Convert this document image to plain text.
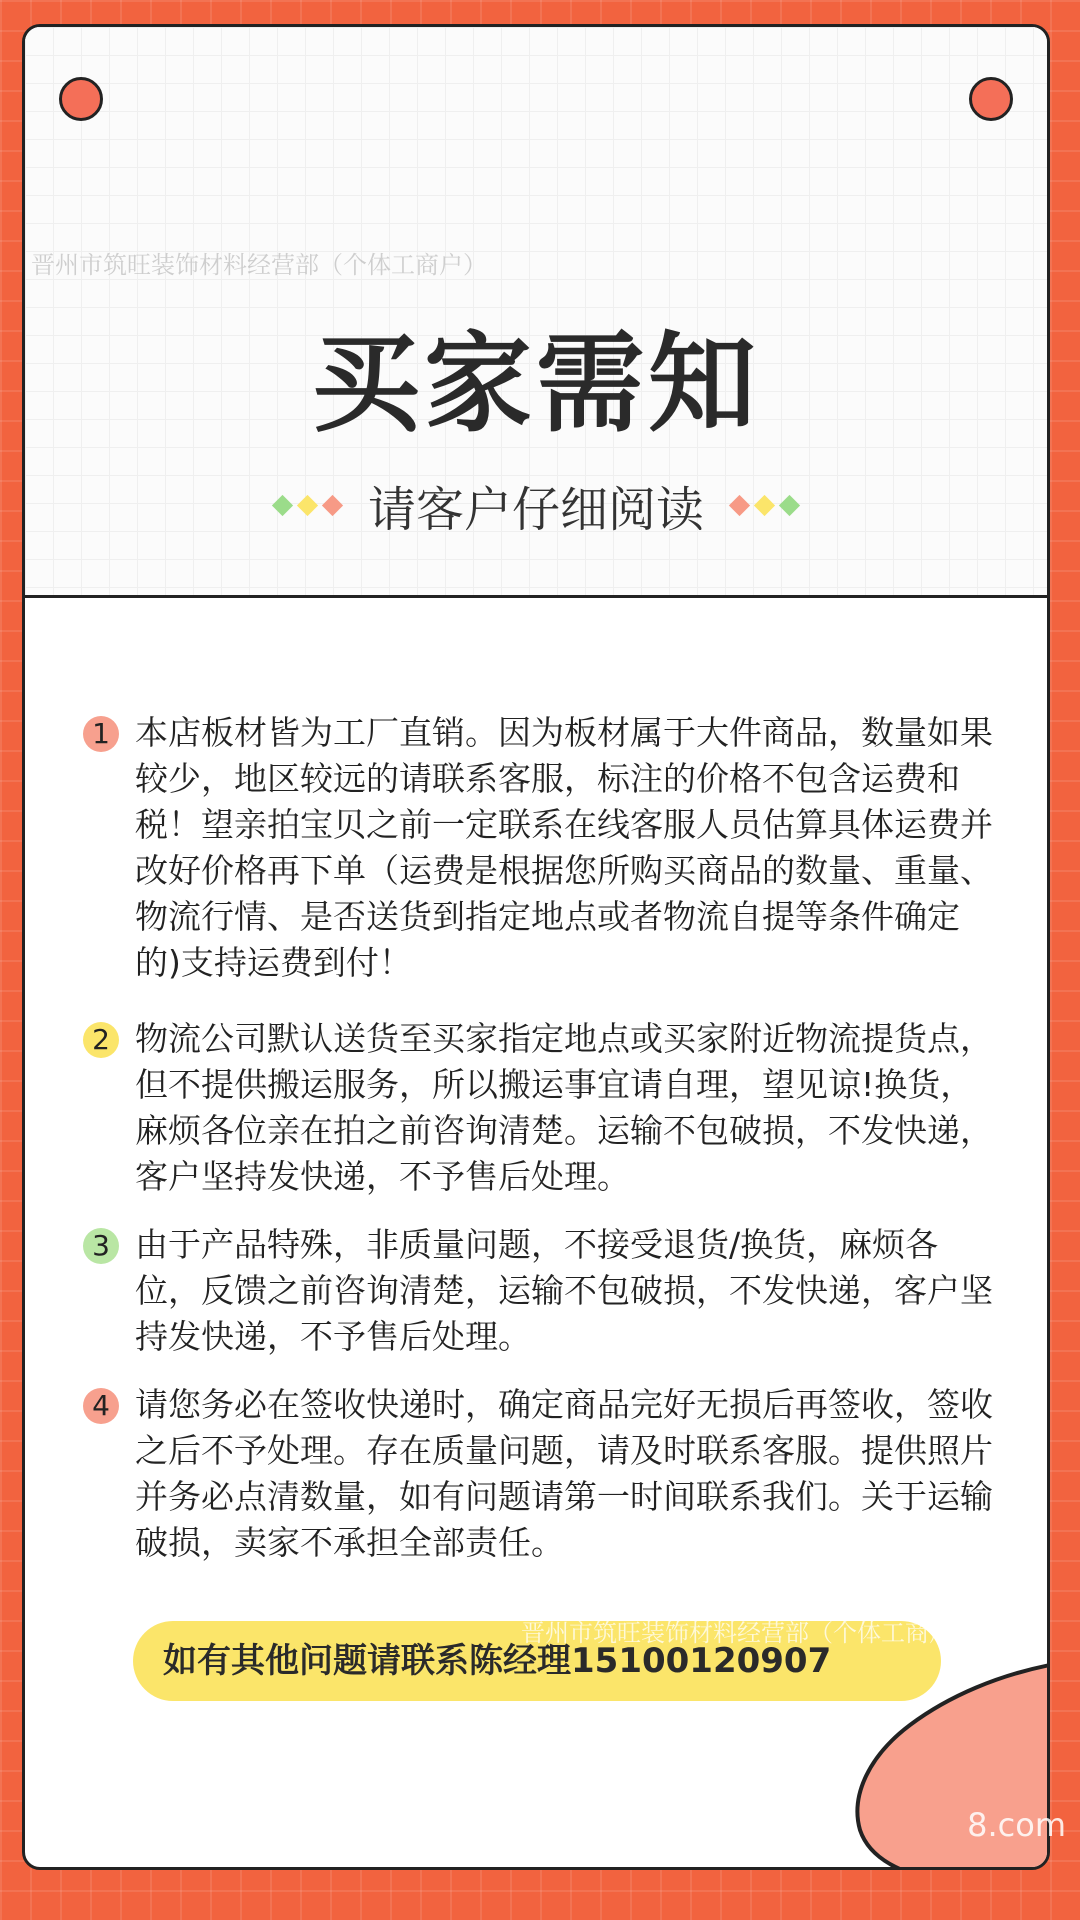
晋州市筑旺装饰材料经营部（个体工商户）
买家需知
请客户仔细阅读
1 本店板材皆为工厂直销。因为板材属于大件商品，数量如果较少，地区较远的请联系客服，标注的价格不包含运费和税！望亲拍宝贝之前一定联系在线客服人员估算具体运费并改好价格再下单（运费是根据您所购买商品的数量、重量、物流行情、是否送货到指定地点或者物流自提等条件确定的)支持运费到付！
2 物流公司默认送货至买家指定地点或买家附近物流提货点，但不提供搬运服务，所以搬运事宜请自理，望见谅!换货，麻烦各位亲在拍之前咨询清楚。运输不包破损，不发快递，客户坚持发快递，不予售后处理。
3 由于产品特殊，非质量问题，不接受退货/换货，麻烦各位，反馈之前咨询清楚，运输不包破损，不发快递，客户坚持发快递，不予售后处理。
4 请您务必在签收快递时，确定商品完好无损后再签收，签收之后不予处理。存在质量问题，请及时联系客服。提供照片并务必点清数量，如有问题请第一时间联系我们。关于运输破损，卖家不承担全部责任。
如有其他问题请联系陈经理15100120907
晋州市筑旺装饰材料经营部（个体工商户）
8.com
